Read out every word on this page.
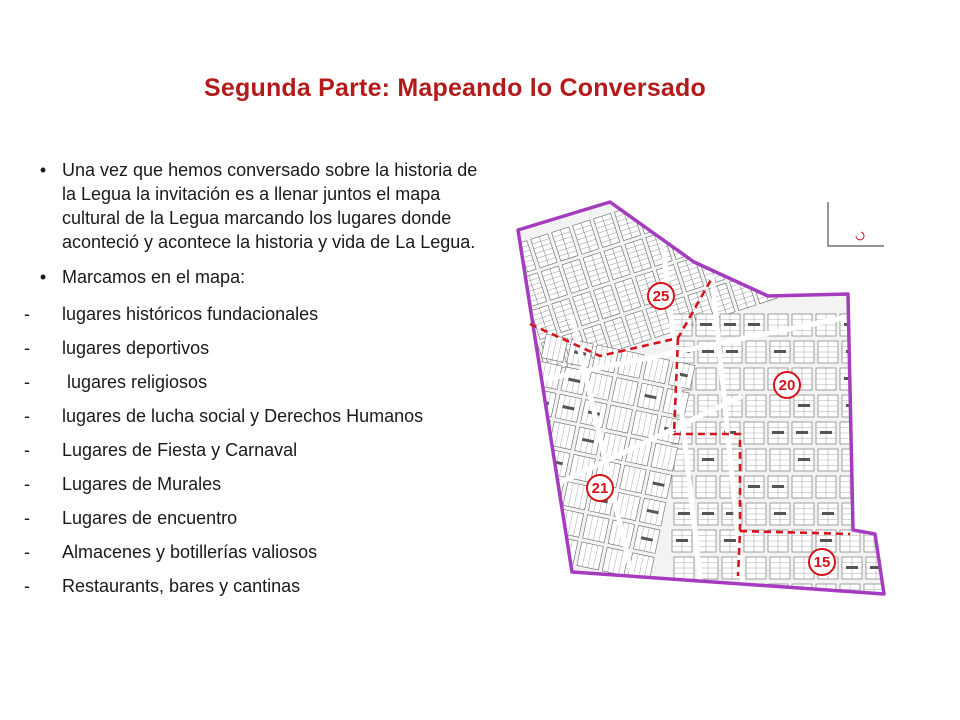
Segunda Parte: Mapeando lo Conversado
• Una vez que hemos conversado sobre la historia de la Legua la invitación es a llenar juntos el mapa cultural de la Legua marcando los lugares donde aconteció y acontece la historia y vida de La Legua.
• Marcamos en el mapa:
-	lugares históricos fundacionales
-	lugares deportivos
-	lugares religiosos
-	lugares de lucha social y Derechos Humanos
-	Lugares de Fiesta y Carnaval
-	Lugares de Murales
-	Lugares de encuentro
-	Almacenes y botillerías valiosos
-	Restaurants, bares y cantinas
25
20
21
15
